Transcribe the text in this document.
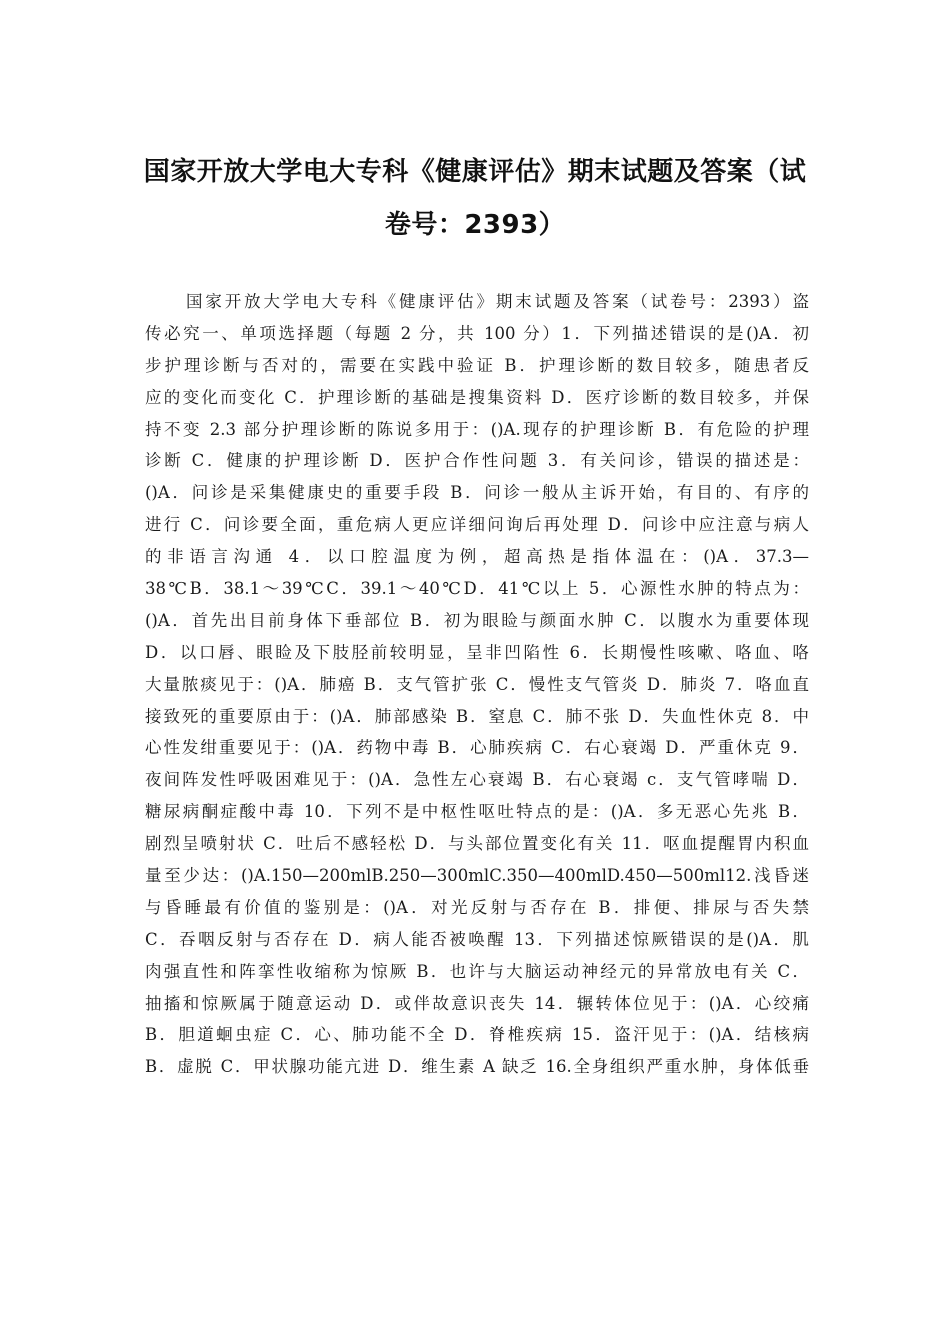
国家开放大学电大专科《健康评估》期末试题及答案（试
卷号：2393）
国家开放大学电大专科《健康评估》期末试题及答案（试卷号：2393）盗
传必究一、单项选择题（每题 2 分，共 100 分）1．下列描述错误的是()A．初
步护理诊断与否对的，需要在实践中验证 B．护理诊断的数目较多，随患者反
应的变化而变化 C．护理诊断的基础是搜集资料 D．医疗诊断的数目较多，并保
持不变 2.3 部分护理诊断的陈说多用于：()A.现存的护理诊断 B．有危险的护理
诊断 C．健康的护理诊断 D．医护合作性问题 3．有关问诊，错误的描述是：
()A．问诊是采集健康史的重要手段 B．问诊一般从主诉开始，有目的、有序的
进行 C．问诊要全面，重危病人更应详细问询后再处理 D．问诊中应注意与病人
的非语言沟通 4．以口腔温度为例，超高热是指体温在：()A．37.3—
38℃B．38.1～39℃C．39.1～40℃D．41℃以上 5．心源性水肿的特点为：
()A．首先出目前身体下垂部位 B．初为眼睑与颜面水肿 C．以腹水为重要体现
D．以口唇、眼睑及下肢胫前较明显，呈非凹陷性 6．长期慢性咳嗽、咯血、咯
大量脓痰见于：()A．肺癌 B．支气管扩张 C．慢性支气管炎 D．肺炎 7．咯血直
接致死的重要原由于：()A．肺部感染 B．窒息 C．肺不张 D．失血性休克 8．中
心性发绀重要见于：()A．药物中毒 B．心肺疾病 C．右心衰竭 D．严重休克 9．
夜间阵发性呼吸困难见于：()A．急性左心衰竭 B．右心衰竭 c．支气管哮喘 D．
糖尿病酮症酸中毒 10．下列不是中枢性呕吐特点的是：()A．多无恶心先兆 B．
剧烈呈喷射状 C．吐后不感轻松 D．与头部位置变化有关 11．呕血提醒胃内积血
量至少达：()A.150—200mlB.250—300mlC.350—400mlD.450—500ml12.浅昏迷
与昏睡最有价值的鉴别是：()A．对光反射与否存在 B．排便、排尿与否失禁
C．吞咽反射与否存在 D．病人能否被唤醒 13．下列描述惊厥错误的是()A．肌
肉强直性和阵挛性收缩称为惊厥 B．也许与大脑运动神经元的异常放电有关 C．
抽搐和惊厥属于随意运动 D．或伴故意识丧失 14．辗转体位见于：()A．心绞痛
B．胆道蛔虫症 C．心、肺功能不全 D．脊椎疾病 15．盗汗见于：()A．结核病
B．虚脱 C．甲状腺功能亢进 D．维生素 A 缺乏 16.全身组织严重水肿，身体低垂
